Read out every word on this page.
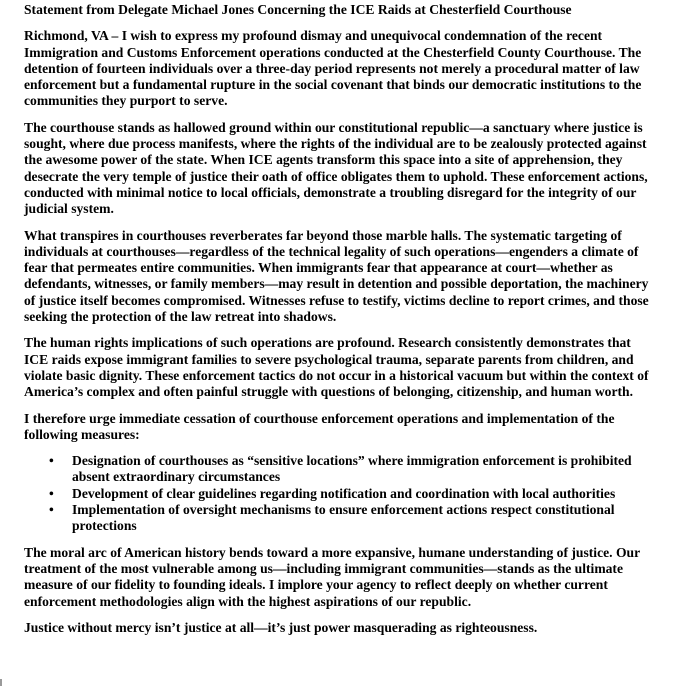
Statement from Delegate Michael Jones Concerning the ICE Raids at Chesterfield Courthouse

Richmond, VA – I wish to express my profound dismay and unequivocal condemnation of the recent Immigration and Customs Enforcement operations conducted at the Chesterfield County Courthouse. The detention of fourteen individuals over a three-day period represents not merely a procedural matter of law enforcement but a fundamental rupture in the social covenant that binds our democratic institutions to the communities they purport to serve.

The courthouse stands as hallowed ground within our constitutional republic—a sanctuary where justice is sought, where due process manifests, where the rights of the individual are to be zealously protected against the awesome power of the state. When ICE agents transform this space into a site of apprehension, they desecrate the very temple of justice their oath of office obligates them to uphold. These enforcement actions, conducted with minimal notice to local officials, demonstrate a troubling disregard for the integrity of our judicial system.

What transpires in courthouses reverberates far beyond those marble halls. The systematic targeting of individuals at courthouses—regardless of the technical legality of such operations—engenders a climate of fear that permeates entire communities. When immigrants fear that appearance at court—whether as defendants, witnesses, or family members—may result in detention and possible deportation, the machinery of justice itself becomes compromised. Witnesses refuse to testify, victims decline to report crimes, and those seeking the protection of the law retreat into shadows.

The human rights implications of such operations are profound. Research consistently demonstrates that ICE raids expose immigrant families to severe psychological trauma, separate parents from children, and violate basic dignity. These enforcement tactics do not occur in a historical vacuum but within the context of America’s complex and often painful struggle with questions of belonging, citizenship, and human worth.

I therefore urge immediate cessation of courthouse enforcement operations and implementation of the following measures:

• Designation of courthouses as “sensitive locations” where immigration enforcement is prohibited absent extraordinary circumstances
• Development of clear guidelines regarding notification and coordination with local authorities
• Implementation of oversight mechanisms to ensure enforcement actions respect constitutional protections

The moral arc of American history bends toward a more expansive, humane understanding of justice. Our treatment of the most vulnerable among us—including immigrant communities—stands as the ultimate measure of our fidelity to founding ideals. I implore your agency to reflect deeply on whether current enforcement methodologies align with the highest aspirations of our republic.

Justice without mercy isn’t justice at all—it’s just power masquerading as righteousness.
